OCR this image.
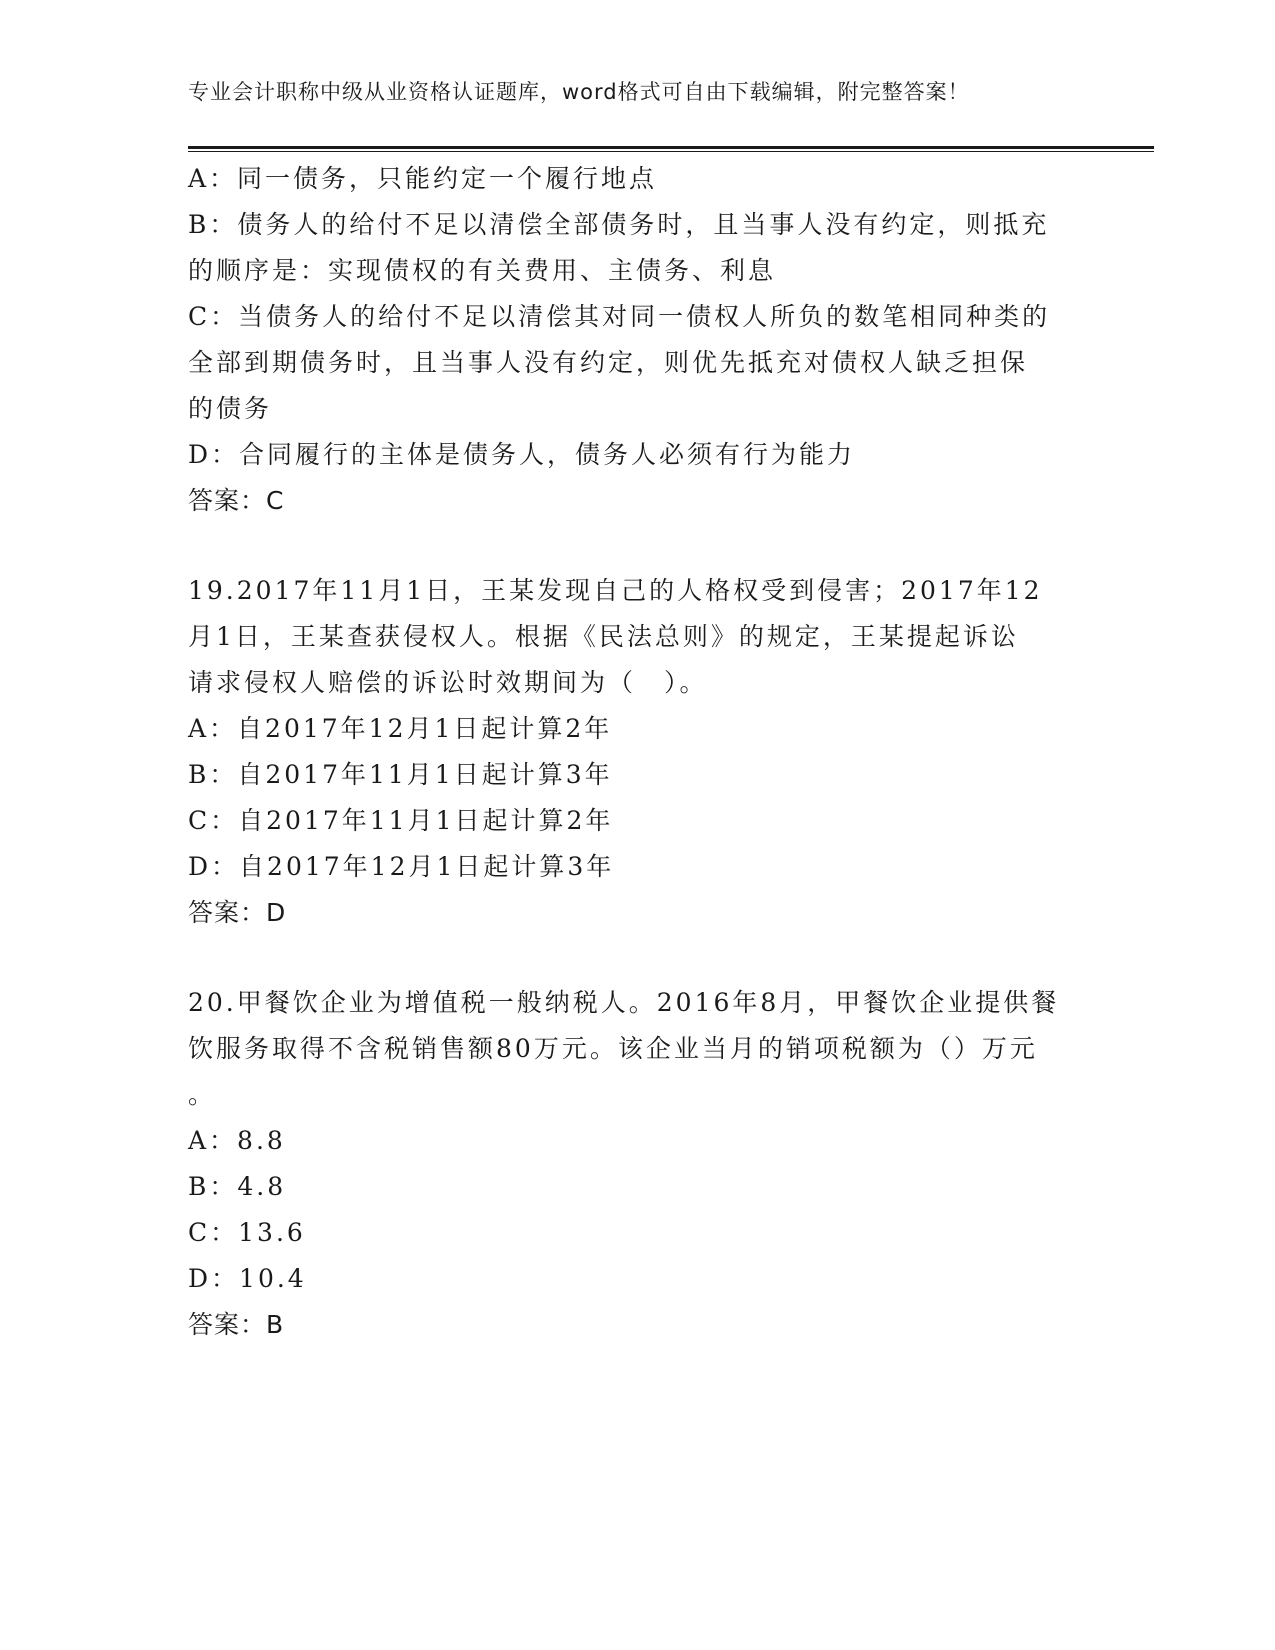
专业会计职称中级从业资格认证题库，word格式可自由下载编辑，附完整答案！
A：同一债务，只能约定一个履行地点
B：债务人的给付不足以清偿全部债务时，且当事人没有约定，则抵充
的顺序是：实现债权的有关费用、主债务、利息
C：当债务人的给付不足以清偿其对同一债权人所负的数笔相同种类的
全部到期债务时，且当事人没有约定，则优先抵充对债权人缺乏担保
的债务
D：合同履行的主体是债务人，债务人必须有行为能力
答案：C
19.2017年11月1日，王某发现自己的人格权受到侵害；2017年12
月1日，王某查获侵权人。根据《民法总则》的规定，王某提起诉讼
请求侵权人赔偿的诉讼时效期间为（　）。
A：自2017年12月1日起计算2年
B：自2017年11月1日起计算3年
C：自2017年11月1日起计算2年
D：自2017年12月1日起计算3年
答案：D
20.甲餐饮企业为增值税一般纳税人。2016年8月，甲餐饮企业提供餐
饮服务取得不含税销售额80万元。该企业当月的销项税额为（）万元
。
A：8.8
B：4.8
C：13.6
D：10.4
答案：B
